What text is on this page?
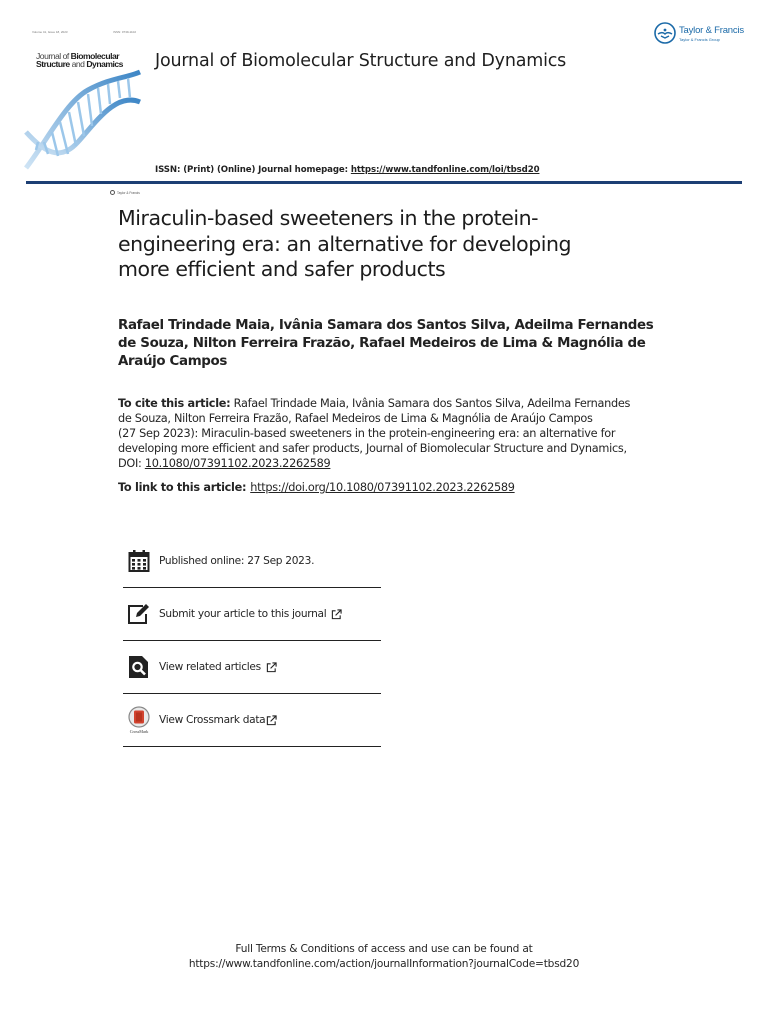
Volume 41, Issue 18, 2023	ISSN: 0739-1102
Journal of Biomolecular
Structure and Dynamics
Taylor & Francis
Journal of Biomolecular Structure and Dynamics
ISSN: (Print) (Online) Journal homepage: https://www.tandfonline.com/loi/tbsd20
Taylor & Francis
Taylor & Francis Group
Miraculin-based sweeteners in the protein-
engineering era: an alternative for developing
more efficient and safer products
Rafael Trindade Maia, Ivânia Samara dos Santos Silva, Adeilma Fernandes
de Souza, Nilton Ferreira Frazão, Rafael Medeiros de Lima & Magnólia de
Araújo Campos
To cite this article: Rafael Trindade Maia, Ivânia Samara dos Santos Silva, Adeilma Fernandes
de Souza, Nilton Ferreira Frazão, Rafael Medeiros de Lima & Magnólia de Araújo Campos
(27 Sep 2023): Miraculin-based sweeteners in the protein-engineering era: an alternative for
developing more efficient and safer products, Journal of Biomolecular Structure and Dynamics,
DOI: 10.1080/07391102.2023.2262589
To link to this article: https://doi.org/10.1080/07391102.2023.2262589
Published online: 27 Sep 2023.
Submit your article to this journal
View related articles
CrossMark
View Crossmark data
Full Terms & Conditions of access and use can be found at
https://www.tandfonline.com/action/journalInformation?journalCode=tbsd20
